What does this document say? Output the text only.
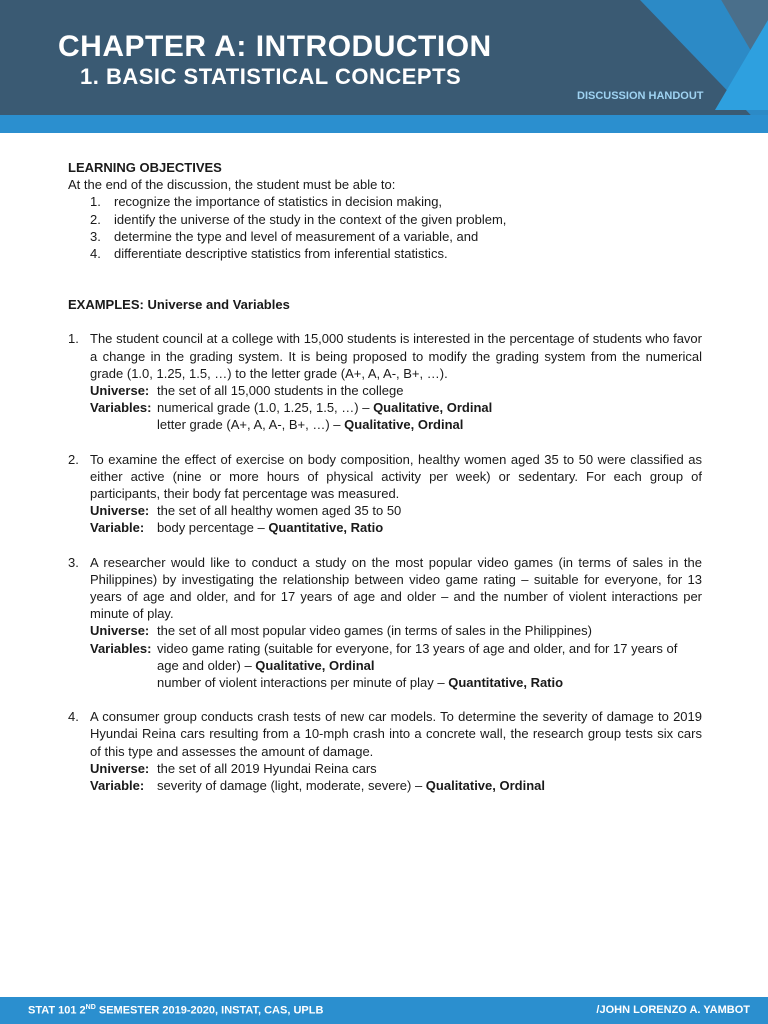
CHAPTER A: INTRODUCTION
1. BASIC STATISTICAL CONCEPTS
DISCUSSION HANDOUT
LEARNING OBJECTIVES
At the end of the discussion, the student must be able to:
1.	recognize the importance of statistics in decision making,
2.	identify the universe of the study in the context of the given problem,
3.	determine the type and level of measurement of a variable, and
4.	differentiate descriptive statistics from inferential statistics.
EXAMPLES: Universe and Variables
1. The student council at a college with 15,000 students is interested in the percentage of students who favor a change in the grading system. It is being proposed to modify the grading system from the numerical grade (1.0, 1.25, 1.5, …) to the letter grade (A+, A, A-, B+, …).
Universe: the set of all 15,000 students in the college
Variables: numerical grade (1.0, 1.25, 1.5, …) – Qualitative, Ordinal
letter grade (A+, A, A-, B+, …) – Qualitative, Ordinal
2. To examine the effect of exercise on body composition, healthy women aged 35 to 50 were classified as either active (nine or more hours of physical activity per week) or sedentary. For each group of participants, their body fat percentage was measured.
Universe: the set of all healthy women aged 35 to 50
Variable: body percentage – Quantitative, Ratio
3. A researcher would like to conduct a study on the most popular video games (in terms of sales in the Philippines) by investigating the relationship between video game rating – suitable for everyone, for 13 years of age and older, and for 17 years of age and older – and the number of violent interactions per minute of play.
Universe: the set of all most popular video games (in terms of sales in the Philippines)
Variables: video game rating (suitable for everyone, for 13 years of age and older, and for 17 years of age and older) – Qualitative, Ordinal
number of violent interactions per minute of play – Quantitative, Ratio
4. A consumer group conducts crash tests of new car models. To determine the severity of damage to 2019 Hyundai Reina cars resulting from a 10-mph crash into a concrete wall, the research group tests six cars of this type and assesses the amount of damage.
Universe: the set of all 2019 Hyundai Reina cars
Variable: severity of damage (light, moderate, severe) – Qualitative, Ordinal
STAT 101 2ND SEMESTER 2019-2020, INSTAT, CAS, UPLB	/JOHN LORENZO A. YAMBOT
